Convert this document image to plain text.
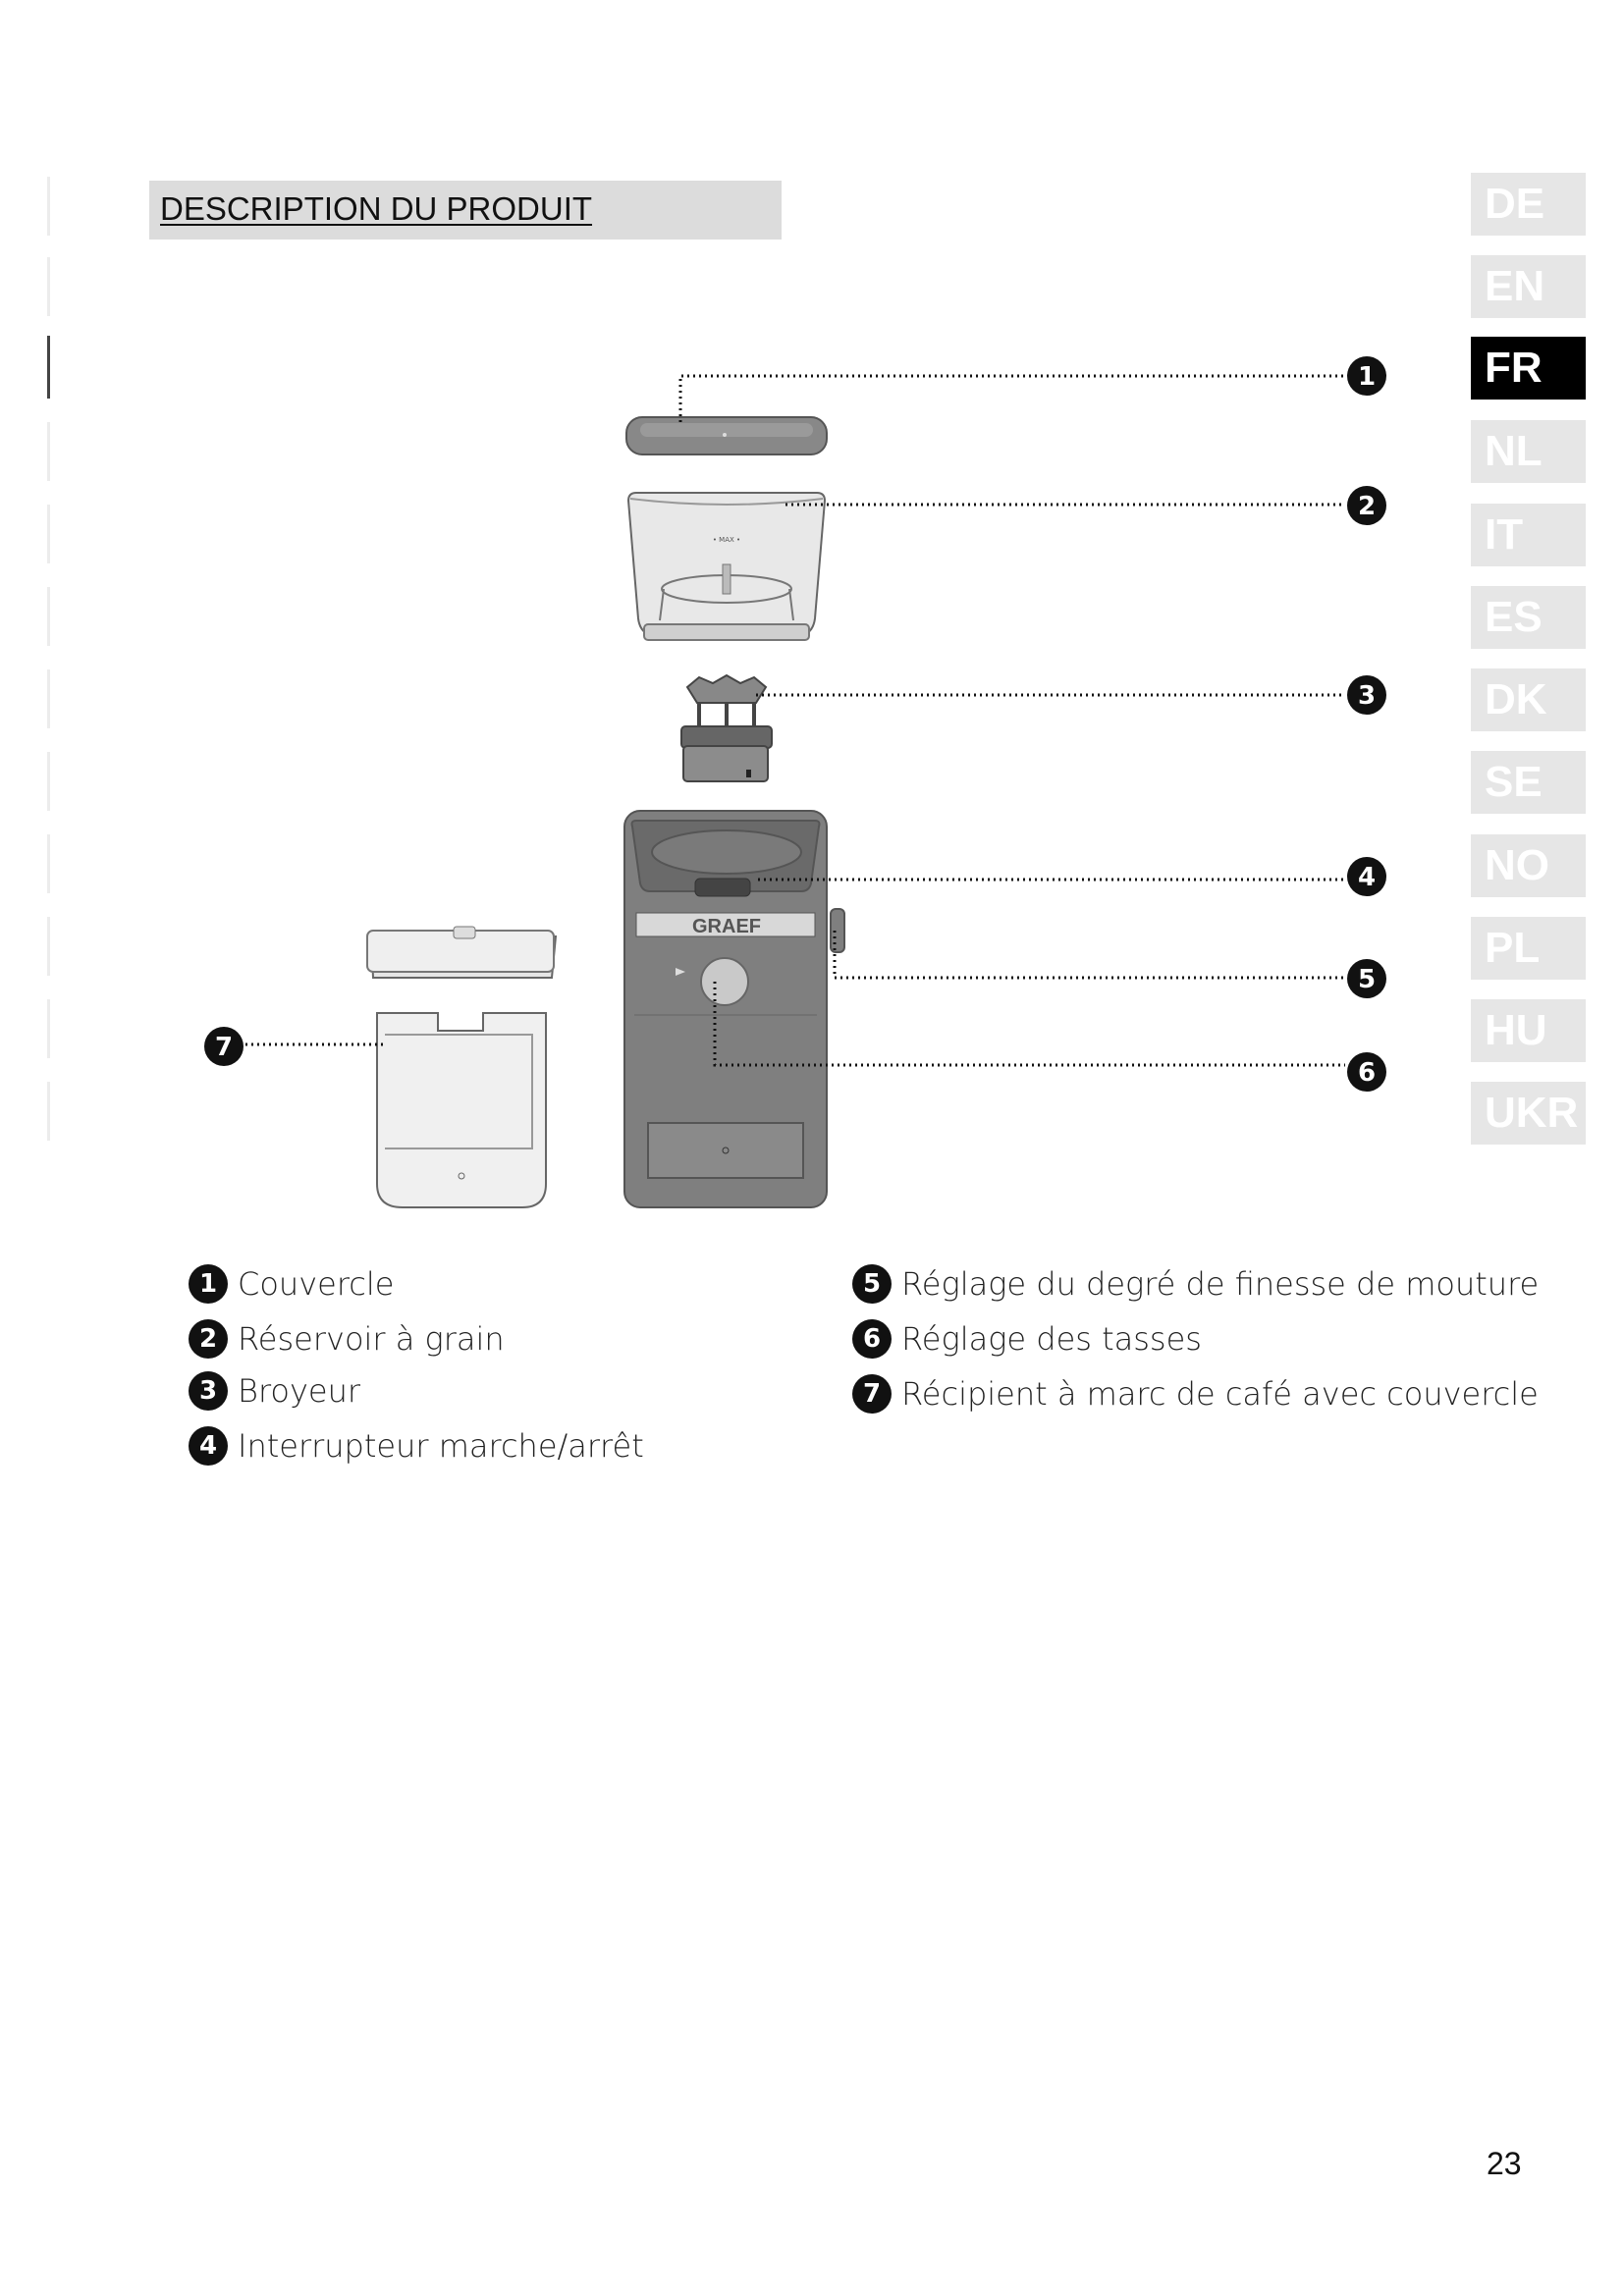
DESCRIPTION DU PRODUIT	DE
EN
FR
NL
IT
ES
DK
SE
NO
PL
HU
UKR
• MAX •
GRAEF
1
2
3
4
5
6
7
1 Couvercle
2 Réservoir à grain
3 Broyeur
4 Interrupteur marche/arrêt
5 Réglage du degré de finesse de mouture
6 Réglage des tasses
7 Récipient à marc de café avec couvercle
23
